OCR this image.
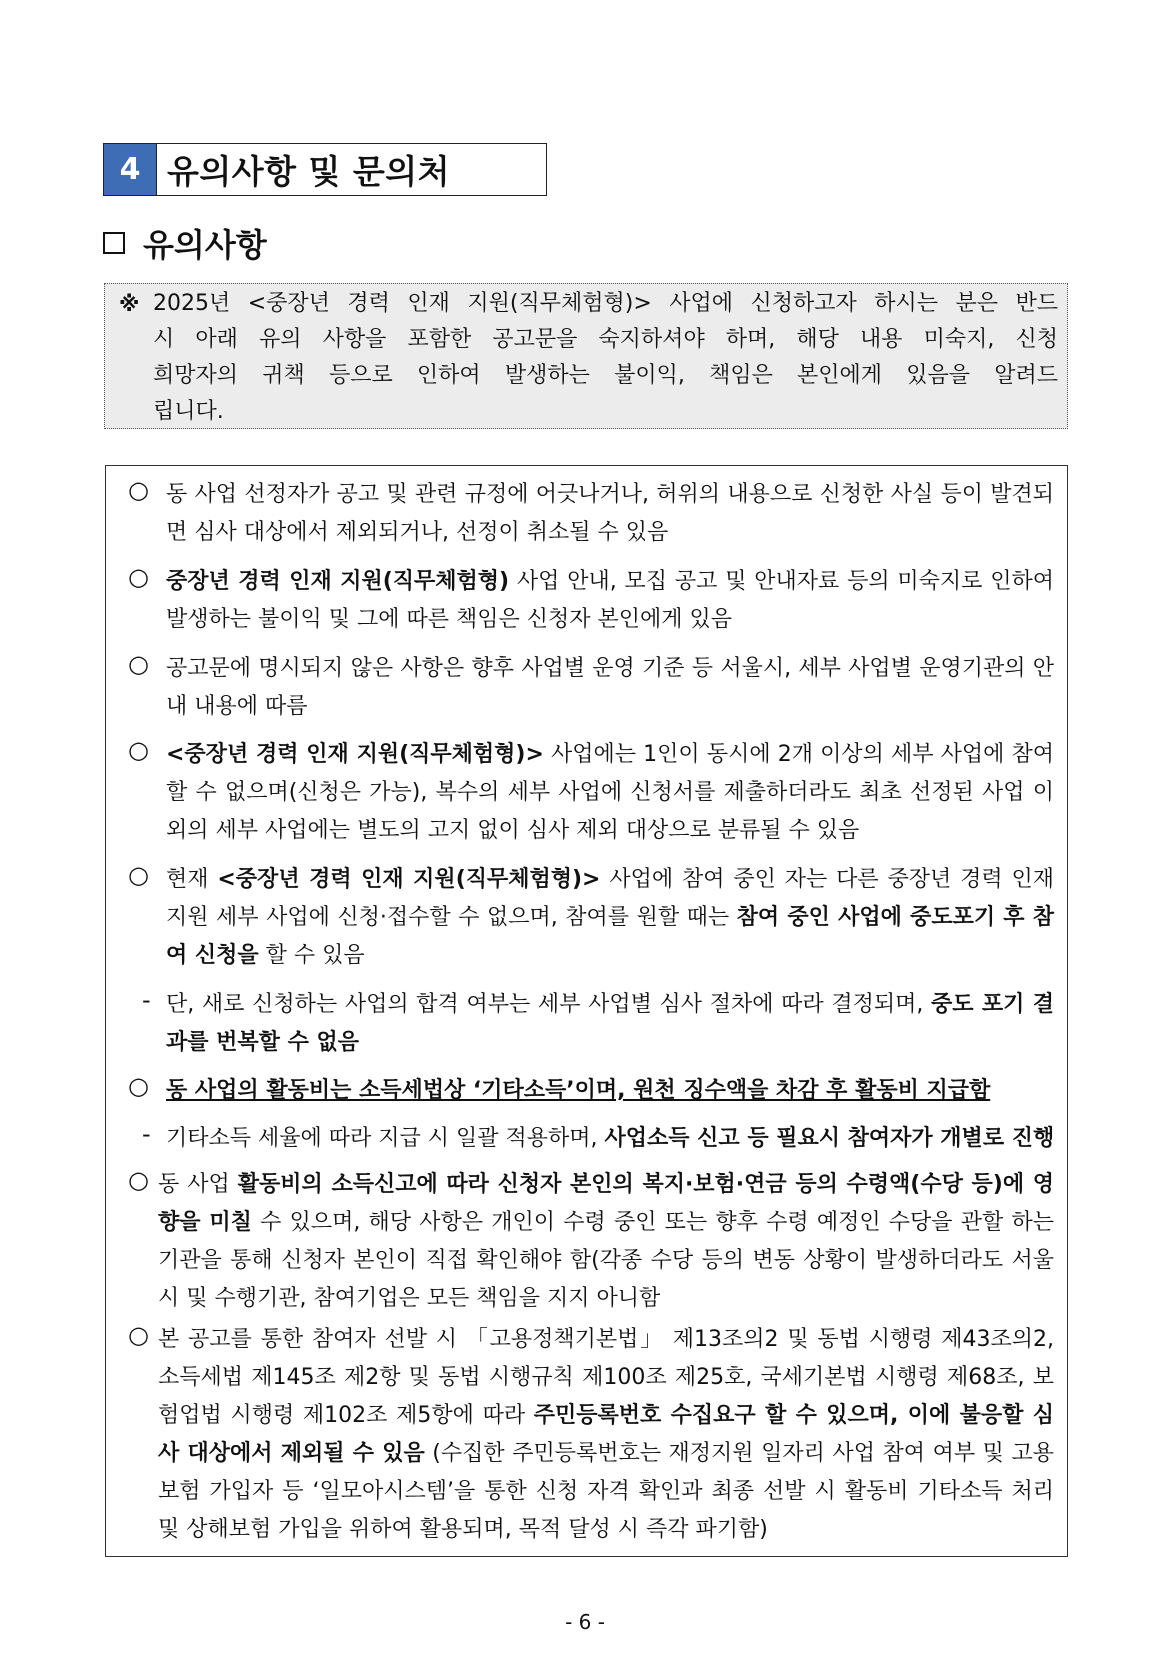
4 유의사항 및 문의처
유의사항
※ 2025년 <중장년 경력 인재 지원(직무체험형)> 사업에 신청하고자 하시는 분은 반드

시 아래 유의 사항을 포함한 공고문을 숙지하셔야 하며, 해당 내용 미숙지, 신청

희망자의 귀책 등으로 인하여 발생하는 불이익, 책임은 본인에게 있음을 알려드

립니다.

○ 동 사업 선정자가 공고 및 관련 규정에 어긋나거나, 허위의 내용으로 신청한 사실 등이 발견되면 심사 대상에서 제외되거나, 선정이 취소될 수 있음

○ 중장년 경력 인재 지원(직무체험형) 사업 안내, 모집 공고 및 안내자료 등의 미숙지로 인하여 발생하는 불이익 및 그에 따른 책임은 신청자 본인에게 있음

○ 공고문에 명시되지 않은 사항은 향후 사업별 운영 기준 등 서울시, 세부 사업별 운영기관의 안내 내용에 따름

○ <중장년 경력 인재 지원(직무체험형)> 사업에는 1인이 동시에 2개 이상의 세부 사업에 참여할 수 없으며(신청은 가능), 복수의 세부 사업에 신청서를 제출하더라도 최초 선정된 사업 이외의 세부 사업에는 별도의 고지 없이 심사 제외 대상으로 분류될 수 있음

○ 현재 <중장년 경력 인재 지원(직무체험형)> 사업에 참여 중인 자는 다른 중장년 경력 인재 지원 세부 사업에 신청·접수할 수 없으며, 참여를 원할 때는 참여 중인 사업에 중도포기 후 참여 신청을 할 수 있음

- 단, 새로 신청하는 사업의 합격 여부는 세부 사업별 심사 절차에 따라 결정되며, 중도 포기 결과를 번복할 수 없음

○ 동 사업의 활동비는 소득세법상 ‘기타소득’이며, 원천 징수액을 차감 후 활동비 지급함

- 기타소득 세율에 따라 지급 시 일괄 적용하며, 사업소득 신고 등 필요시 참여자가 개별로 진행

○ 동 사업 활동비의 소득신고에 따라 신청자 본인의 복지·보험·연금 등의 수령액(수당 등)에 영향을 미칠 수 있으며, 해당 사항은 개인이 수령 중인 또는 향후 수령 예정인 수당을 관할 하는 기관을 통해 신청자 본인이 직접 확인해야 함(각종 수당 등의 변동 상황이 발생하더라도 서울시 및 수행기관, 참여기업은 모든 책임을 지지 아니함

○ 본 공고를 통한 참여자 선발 시 「고용정책기본법」 제13조의2 및 동법 시행령 제43조의2, 소득세법 제145조 제2항 및 동법 시행규칙 제100조 제25호, 국세기본법 시행령 제68조, 보험업법 시행령 제102조 제5항에 따라 주민등록번호 수집요구 할 수 있으며, 이에 불응할 심사 대상에서 제외될 수 있음 (수집한 주민등록번호는 재정지원 일자리 사업 참여 여부 및 고용보험 가입자 등 ‘일모아시스템’을 통한 신청 자격 확인과 최종 선발 시 활동비 기타소득 처리 및 상해보험 가입을 위하여 활용되며, 목적 달성 시 즉각 파기함)

- 6 -
